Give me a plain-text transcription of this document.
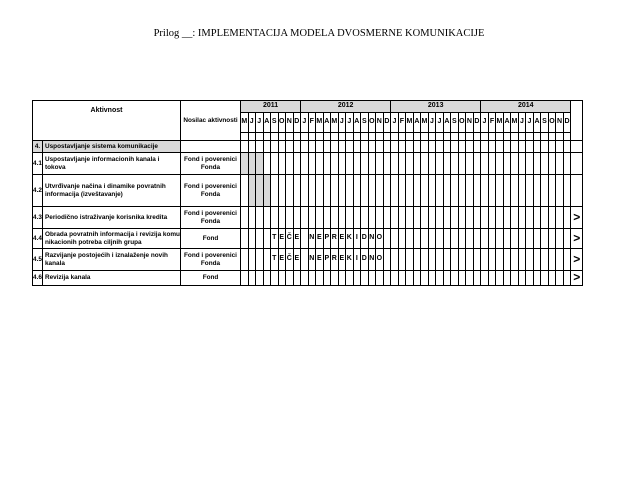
Prilog __: IMPLEMENTACIJA MODELA DVOSMERNE KOMUNIKACIJE
Aktivnost		Nosilac aktivnosti	2011								2012												2013												2014												
			M	J	J	A	S	O	N	D	J	F	M	A	M	J	J	A	S	O	N	D	J	F	M	A	M	J	J	A	S	O	N	D	J	F	M	A	M	J	J	A	S	O	N	D	

4.	Uspostavljanje sistema komunikacije																																														
4.1	Uspostavljanje informacionih kanala i tokova	Fond i poverenici Fonda																																													
4.2	Utvrđivanje načina i dinamike povratnih informacija (izveštavanje)	Fond i poverenici Fonda																																													
4.3	Periodično istraživanje korisnika kredita	Fond i poverenici Fonda																																													>
4.4	Obrada povratnih informacija i revizija komu nikacionih potreba ciljnih grupa	Fond					T	E	Č	E		N	E	P	R	E	K	I	D	N	O																										>
4.5	Razvijanje postojećih i iznalaženje novih kanala	Fond i poverenici Fonda					T	E	Č	E		N	E	P	R	E	K	I	D	N	O																										>
4.6	Revizija kanala	Fond																																													>
